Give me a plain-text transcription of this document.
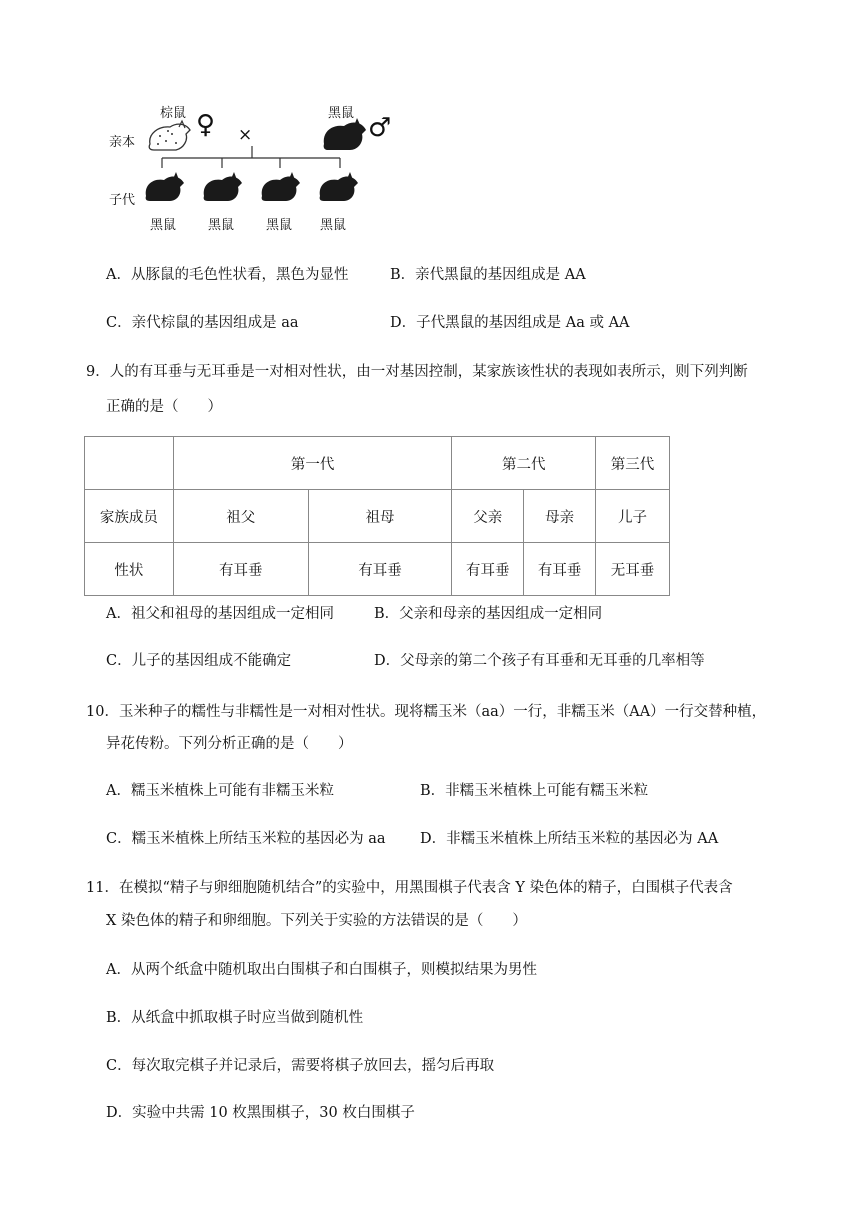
棕鼠	黑鼠
亲本
子代
♀ ×	♂
黑鼠 黑鼠 黑鼠 黑鼠
A．从豚鼠的毛色性状看，黑色为显性	B．亲代黑鼠的基因组成是 AA
C．亲代棕鼠的基因组成是 aa	D．子代黑鼠的基因组成是 Aa 或 AA
9．人的有耳垂与无耳垂是一对相对性状，由一对基因控制，某家族该性状的表现如表所示，则下列判断
正确的是（　　）
	第一代		第二代		第三代
家族成员	祖父	祖母	父亲	母亲	儿子
性状	有耳垂	有耳垂	有耳垂	有耳垂	无耳垂
A．祖父和祖母的基因组成一定相同	B．父亲和母亲的基因组成一定相同
C．儿子的基因组成不能确定	D．父母亲的第二个孩子有耳垂和无耳垂的几率相等
10．玉米种子的糯性与非糯性是一对相对性状。现将糯玉米（aa）一行，非糯玉米（AA）一行交替种植，
异花传粉。下列分析正确的是（　　）
A．糯玉米植株上可能有非糯玉米粒	B．非糯玉米植株上可能有糯玉米粒
C．糯玉米植株上所结玉米粒的基因必为 aa D．非糯玉米植株上所结玉米粒的基因必为 AA
11．在模拟“精子与卵细胞随机结合”的实验中，用黑围棋子代表含 Y 染色体的精子，白围棋子代表含
X 染色体的精子和卵细胞。下列关于实验的方法错误的是（　　）
A．从两个纸盒中随机取出白围棋子和白围棋子，则模拟结果为男性
B．从纸盒中抓取棋子时应当做到随机性
C．每次取完棋子并记录后，需要将棋子放回去，摇匀后再取
D．实验中共需 10 枚黑围棋子，30 枚白围棋子
